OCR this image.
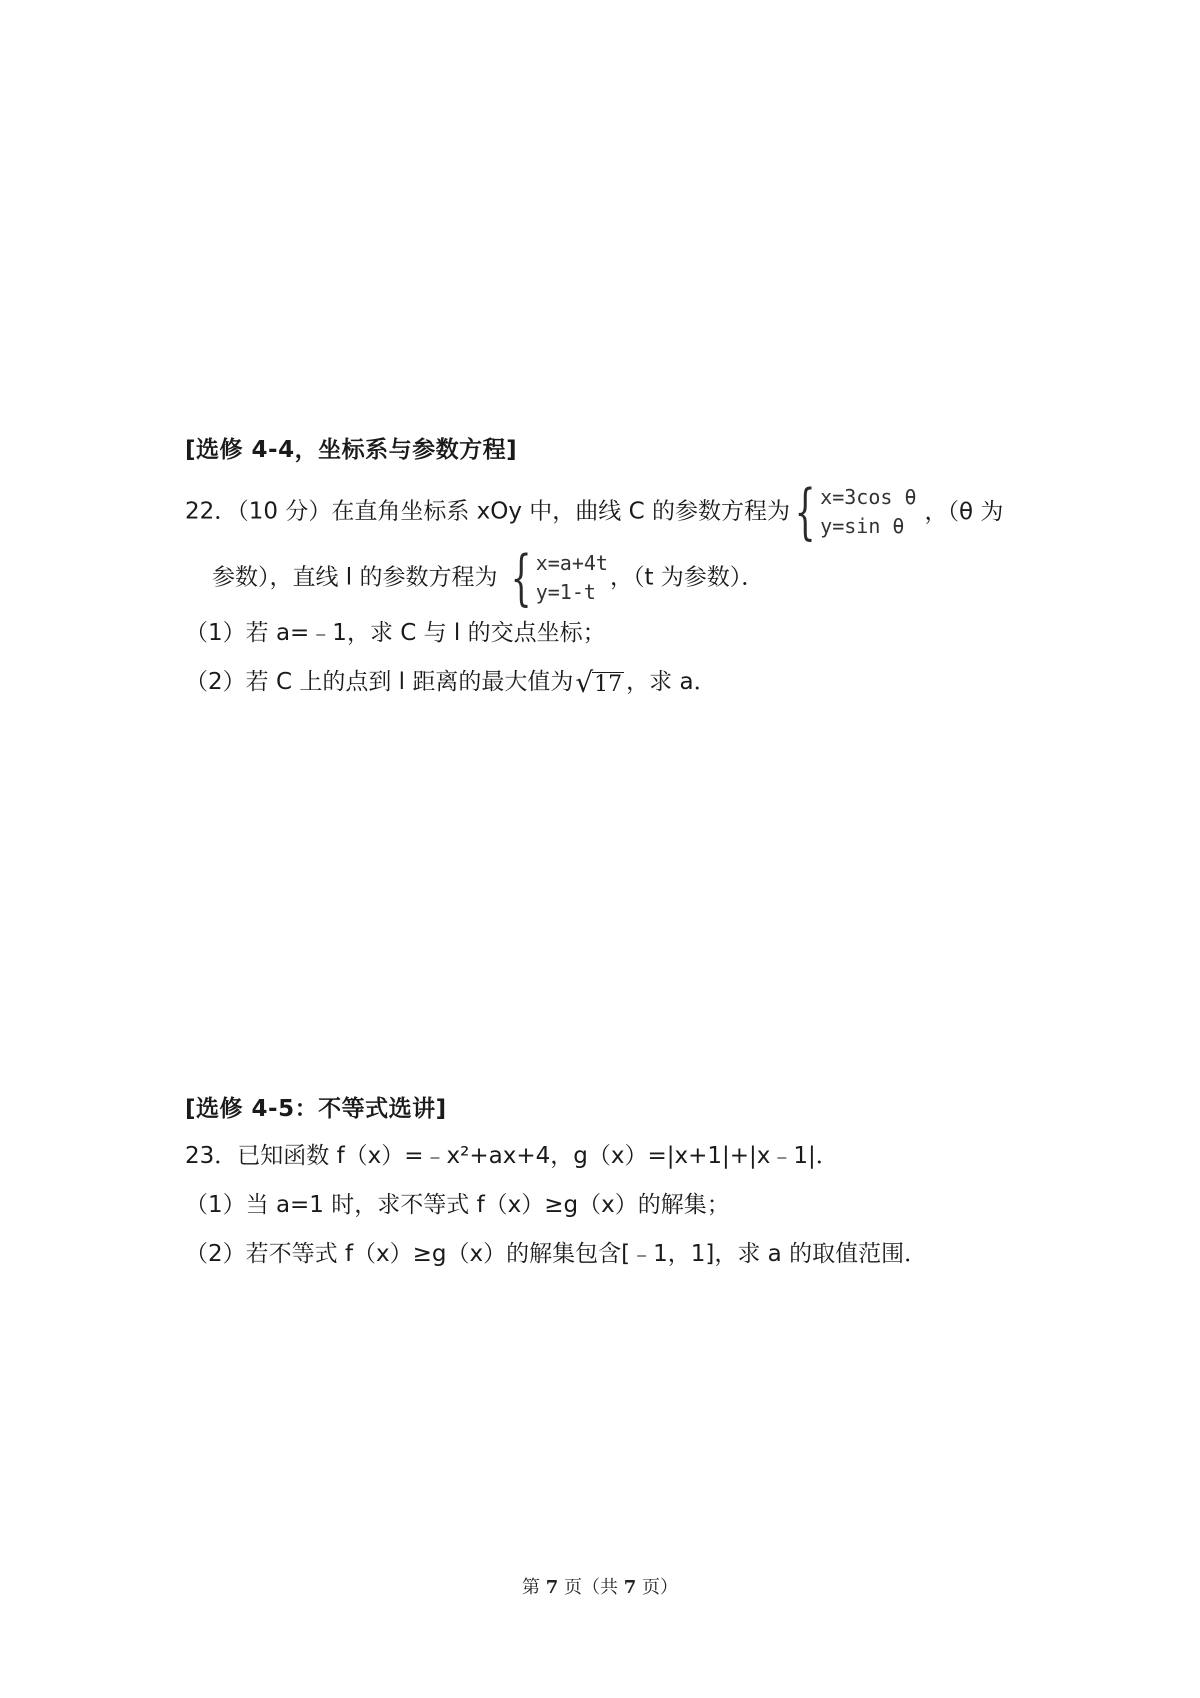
[选修 4-4，坐标系与参数方程]
22．（10 分）在直角坐标系 xOy 中，曲线 C 的参数方程为 { x=3cos θ
y=sin θ
，（θ 为
参数），直线 l 的参数方程为 { x=a+4t
y=1-t
，（t 为参数）．
（1）若 a=﹣1，求 C 与 l 的交点坐标；
（2）若 C 上的点到 l 距离的最大值为 √ 17 ，求 a．
[选修 4-5：不等式选讲]
23．已知函数 f（x）=﹣x²+ax+4，g（x）=|x+1|+|x﹣1|．
（1）当 a=1 时，求不等式 f（x）≥g（x）的解集；
（2）若不等式 f（x）≥g（x）的解集包含[﹣1，1]，求 a 的取值范围．
第 7 页（共 7 页）
